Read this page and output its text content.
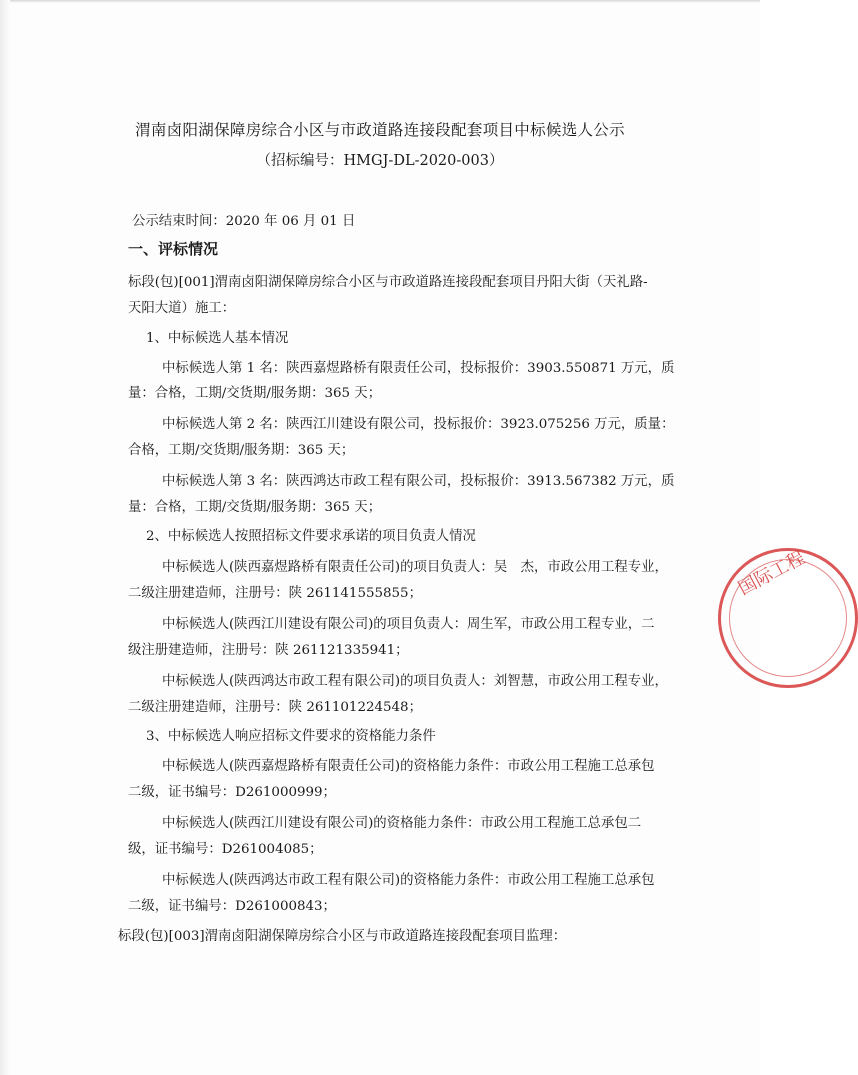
渭南卤阳湖保障房综合小区与市政道路连接段配套项目中标候选人公示
（招标编号：HMGJ-DL-2020-003）
公示结束时间：2020 年 06 月 01 日
一、评标情况
标段(包)[001]渭南卤阳湖保障房综合小区与市政道路连接段配套项目丹阳大街（天礼路-
天阳大道）施工：
1、中标候选人基本情况
中标候选人第 1 名：陕西嘉煜路桥有限责任公司，投标报价：3903.550871 万元，质
量：合格，工期/交货期/服务期：365 天；
中标候选人第 2 名：陕西江川建设有限公司，投标报价：3923.075256 万元，质量：
合格，工期/交货期/服务期：365 天；
中标候选人第 3 名：陕西鸿达市政工程有限公司，投标报价：3913.567382 万元，质
量：合格，工期/交货期/服务期：365 天；
2、中标候选人按照招标文件要求承诺的项目负责人情况
中标候选人(陕西嘉煜路桥有限责任公司)的项目负责人：吴　杰，市政公用工程专业，
二级注册建造师，注册号：陕 261141555855；
中标候选人(陕西江川建设有限公司)的项目负责人：周生军，市政公用工程专业，二
级注册建造师，注册号：陕 261121335941；
中标候选人(陕西鸿达市政工程有限公司)的项目负责人：刘智慧，市政公用工程专业，
二级注册建造师，注册号：陕 261101224548；
3、中标候选人响应招标文件要求的资格能力条件
中标候选人(陕西嘉煜路桥有限责任公司)的资格能力条件：市政公用工程施工总承包
二级，证书编号：D261000999；
中标候选人(陕西江川建设有限公司)的资格能力条件：市政公用工程施工总承包二
级，证书编号：D261004085；
中标候选人(陕西鸿达市政工程有限公司)的资格能力条件：市政公用工程施工总承包
二级，证书编号：D261000843；
标段(包)[003]渭南卤阳湖保障房综合小区与市政道路连接段配套项目监理：
国际工程
